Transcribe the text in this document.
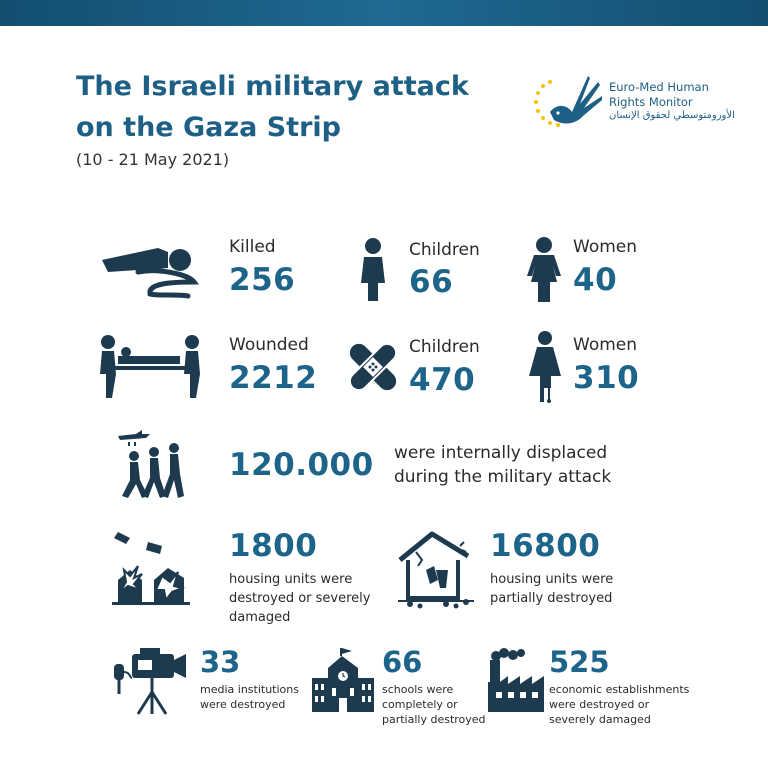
The Israeli military attack
on the Gaza Strip
(10 - 21 May 2021)
Euro-Med Human
Rights Monitor
الأورومتوسطي لحقوق الإنسان
Killed
256
Children
66
Women
40
Wounded
2212
Children
470
Women
310
120.000 were internally displaced
during the military attack
1800
housing units were
destroyed or severely
damaged
16800
housing units were
partially destroyed
33
media institutions
were destroyed
66
schools were
completely or
partially destroyed
525
economic establishments
were destroyed or
severely damaged
